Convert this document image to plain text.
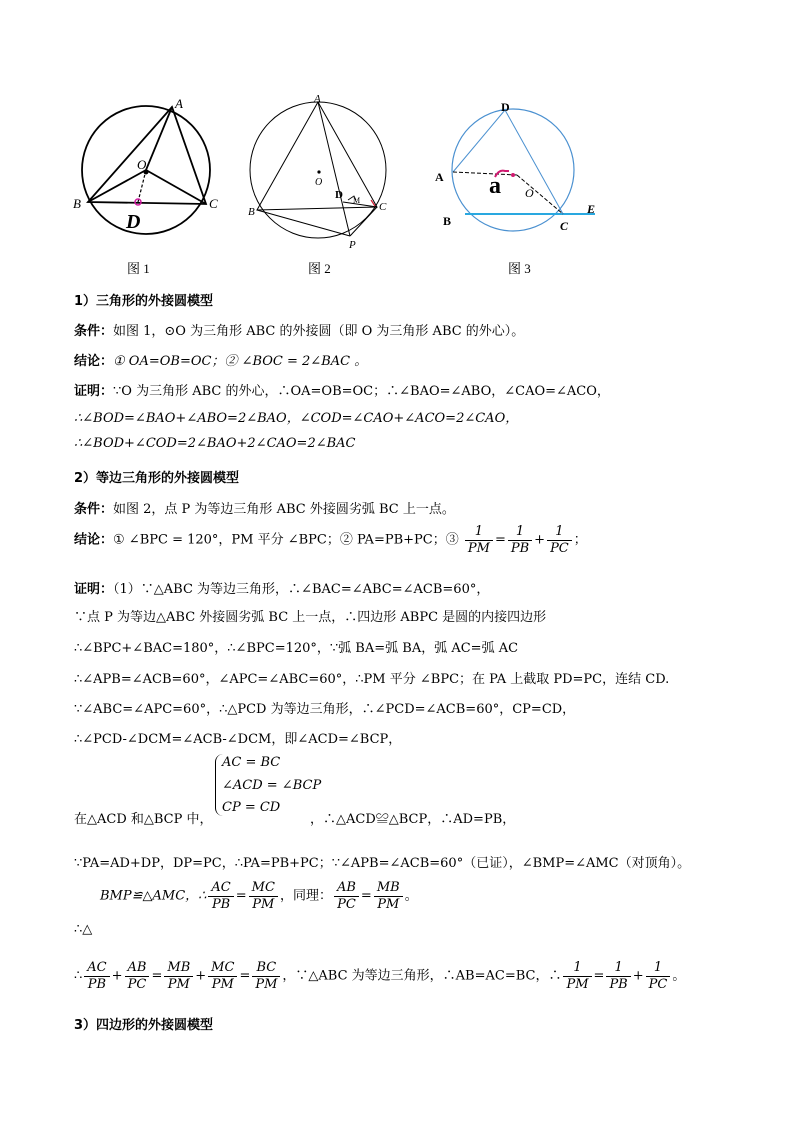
A
B	C
O
D
图 1
A
B	C
O
D
P
M
图 2
A
B	C
D
E
O
a
图 3
1）三角形的外接圆模型
条件：如图 1，⊙O 为三角形 ABC 的外接圆（即 O 为三角形 ABC 的外心）。
结论：① OA=OB=OC；② ∠BOC = 2∠BAC 。
证明：∵O 为三角形 ABC 的外心，∴OA=OB=OC；∴∠BAO=∠ABO，∠CAO=∠ACO，
∴∠BOD=∠BAO+∠ABO=2∠BAO，∠COD=∠CAO+∠ACO=2∠CAO，
∴∠BOD+∠COD=2∠BAO+2∠CAO=2∠BAC
2）等边三角形的外接圆模型
条件：如图 2，点 P 为等边三角形 ABC 外接圆劣弧 BC 上一点。
结论：① ∠BPC = 120°，PM 平分 ∠BPC；② PA=PB+PC；③ $\frac{1}{PM} = \frac{1}{PB} + \frac{1}{PC}$ ；
证明：（1）∵△ABC 为等边三角形，∴∠BAC=∠ABC=∠ACB=60°，
∵点 P 为等边△ABC 外接圆劣弧 BC 上一点，∴四边形 ABPC 是圆的内接四边形
∴∠BPC+∠BAC=180°，∴∠BPC=120°，∵弧 BA=弧 BA，弧 AC=弧 AC
∴∠APB=∠ACB=60°，∠APC=∠ABC=60°，∴PM 平分 ∠BPC；在 PA 上截取 PD=PC，连结 CD.
∵∠ABC=∠APC=60°，∴△PCD 为等边三角形，∴∠PCD=∠ACB=60°，CP=CD，
∴∠PCD-∠DCM=∠ACB-∠DCM，即∠ACD=∠BCP，
AC = BC
∠ACD = ∠BCP
CP = CD
在△ACD 和△BCP 中，	，∴△ACD≌△BCP，∴AD=PB，
∵PA=AD+DP，DP=PC，∴PA=PB+PC；∵∠APB=∠ACB=60°（已证），∠BMP=∠AMC（对顶角）。
BMP≌△AMC，∴ $\frac{AC}{PB} = \frac{MC}{PM}$ ，同理： $\frac{AB}{PC} = \frac{MB}{PM}$ 。
∴△
∴ $\frac{AC}{PB} + \frac{AB}{PC} = \frac{MB}{PM} + \frac{MC}{PM} = \frac{BC}{PM}$ ，∵△ABC 为等边三角形，∴AB=AC=BC，∴ $\frac{1}{PM} = \frac{1}{PB} + \frac{1}{PC}$ 。
3）四边形的外接圆模型
